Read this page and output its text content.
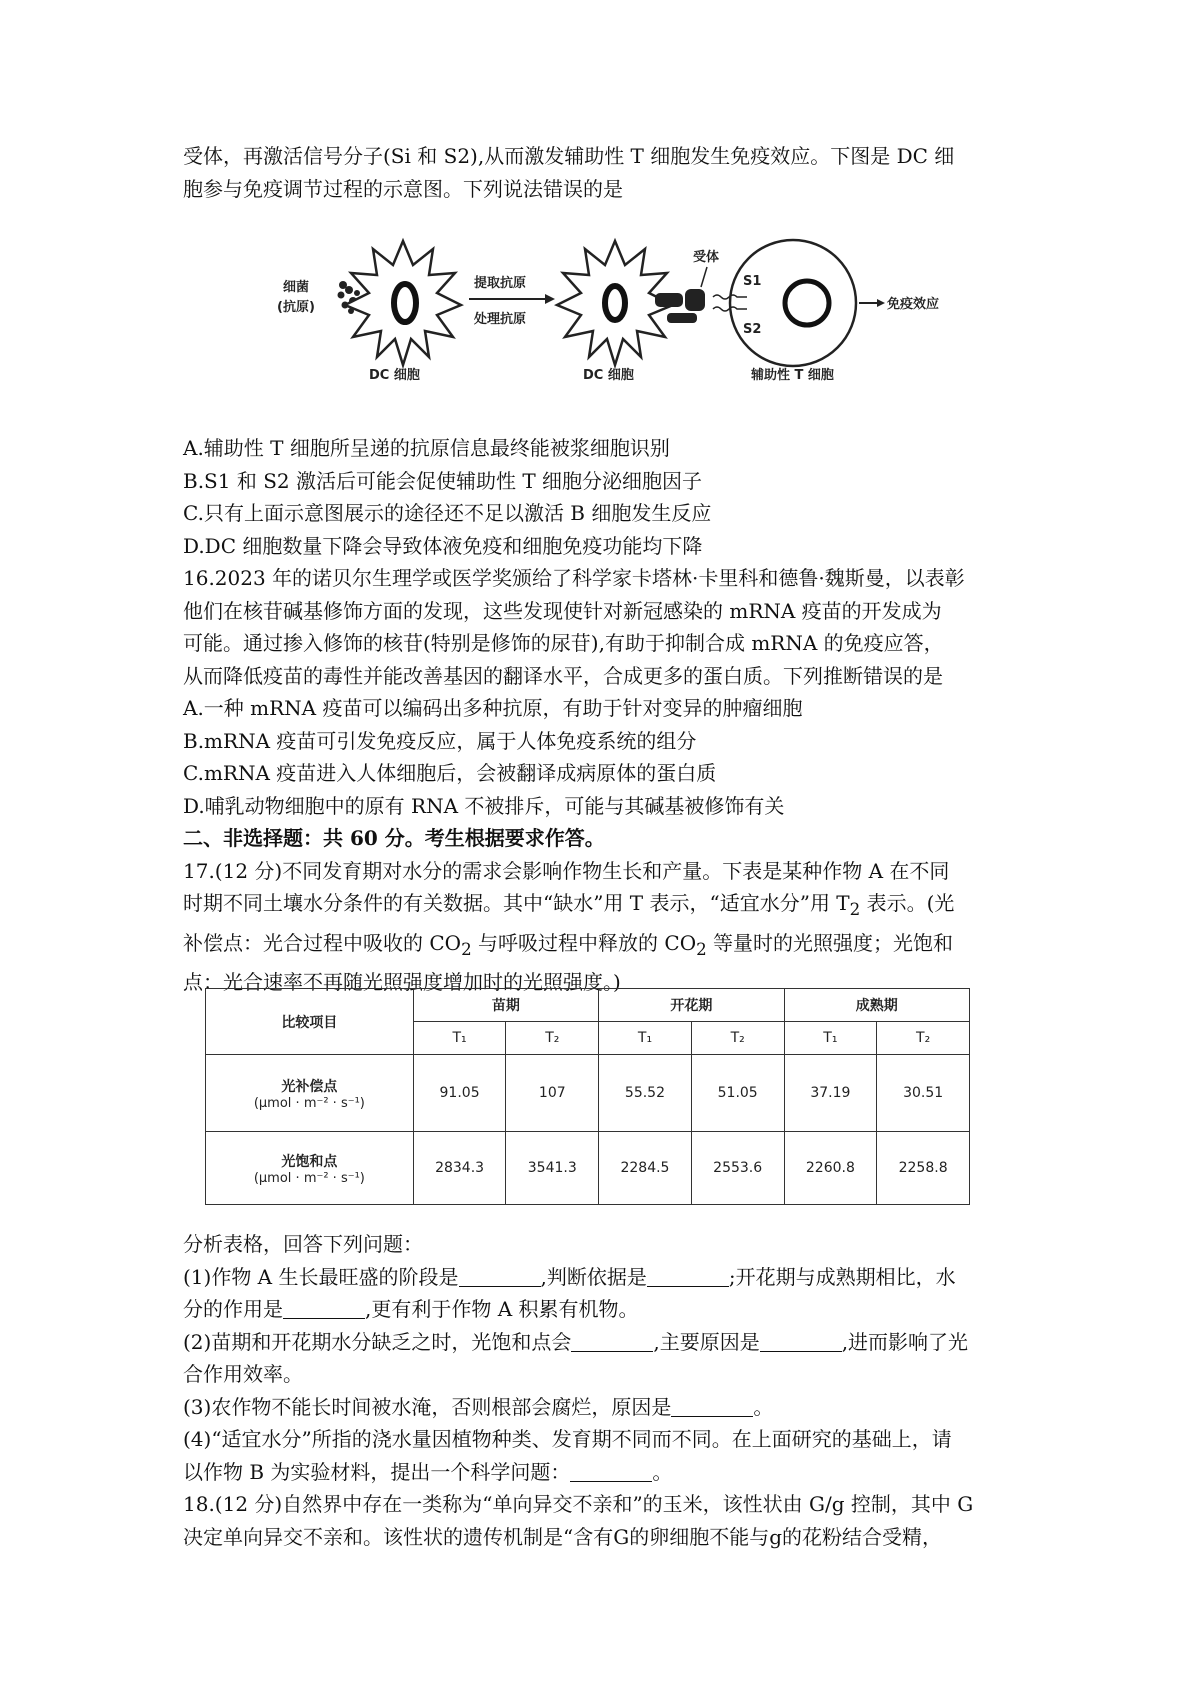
受体，再激活信号分子(Si 和 S2),从而激发辅助性 T 细胞发生免疫效应。下图是 DC 细

胞参与免疫调节过程的示意图。下列说法错误的是

细菌
(抗原)
提取抗原
处理抗原
受体
S1
S2
免疫效应
DC 细胞	DC 细胞	辅助性 T 细胞

A.辅助性 T 细胞所呈递的抗原信息最终能被浆细胞识别

B.S1 和 S2 激活后可能会促使辅助性 T 细胞分泌细胞因子

C.只有上面示意图展示的途径还不足以激活 B 细胞发生反应

D.DC 细胞数量下降会导致体液免疫和细胞免疫功能均下降

16.2023 年的诺贝尔生理学或医学奖颁给了科学家卡塔林·卡里科和德鲁·魏斯曼，以表彰

他们在核苷碱基修饰方面的发现，这些发现使针对新冠感染的 mRNA 疫苗的开发成为

可能。通过掺入修饰的核苷(特别是修饰的尿苷),有助于抑制合成 mRNA 的免疫应答，

从而降低疫苗的毒性并能改善基因的翻译水平，合成更多的蛋白质。下列推断错误的是

A.一种 mRNA 疫苗可以编码出多种抗原，有助于针对变异的肿瘤细胞

B.mRNA 疫苗可引发免疫反应，属于人体免疫系统的组分

C.mRNA 疫苗进入人体细胞后，会被翻译成病原体的蛋白质

D.哺乳动物细胞中的原有 RNA 不被排斥，可能与其碱基被修饰有关

二、非选择题：共 60 分。考生根据要求作答。

17.(12 分)不同发育期对水分的需求会影响作物生长和产量。下表是某种作物 A 在不同

时期不同土壤水分条件的有关数据。其中“缺水”用 T 表示，“适宜水分”用 $T_2$ 表示。(光

补偿点：光合过程中吸收的 $CO_2$ 与呼吸过程中释放的 $CO_2$ 等量时的光照强度；光饱和

点：光合速率不再随光照强度增加时的光照强度。)

比较项目	苗期		开花期		成熟期	
	T₁	T₂	T₁	T₂	T₁	T₂

光补偿点
(μmol · m⁻² · s⁻¹)	91.05	107	55.52	51.05	37.19	30.51

光饱和点
(μmol · m⁻² · s⁻¹)	2834.3	3541.3	2284.5	2553.6	2260.8	2258.8

分析表格，回答下列问题：

(1)作物 A 生长最旺盛的阶段是	,判断依据是	;开花期与成熟期相比，水

分的作用是	,更有利于作物 A 积累有机物。

(2)苗期和开花期水分缺乏之时，光饱和点会	,主要原因是	,进而影响了光

合作用效率。

(3)农作物不能长时间被水淹，否则根部会腐烂，原因是	。

(4)“适宜水分”所指的浇水量因植物种类、发育期不同而不同。在上面研究的基础上，请

以作物 B 为实验材料，提出一个科学问题：	。

18.(12 分)自然界中存在一类称为“单向异交不亲和”的玉米，该性状由 G/g 控制，其中 G

决定单向异交不亲和。该性状的遗传机制是“含有G的卵细胞不能与g的花粉结合受精，
